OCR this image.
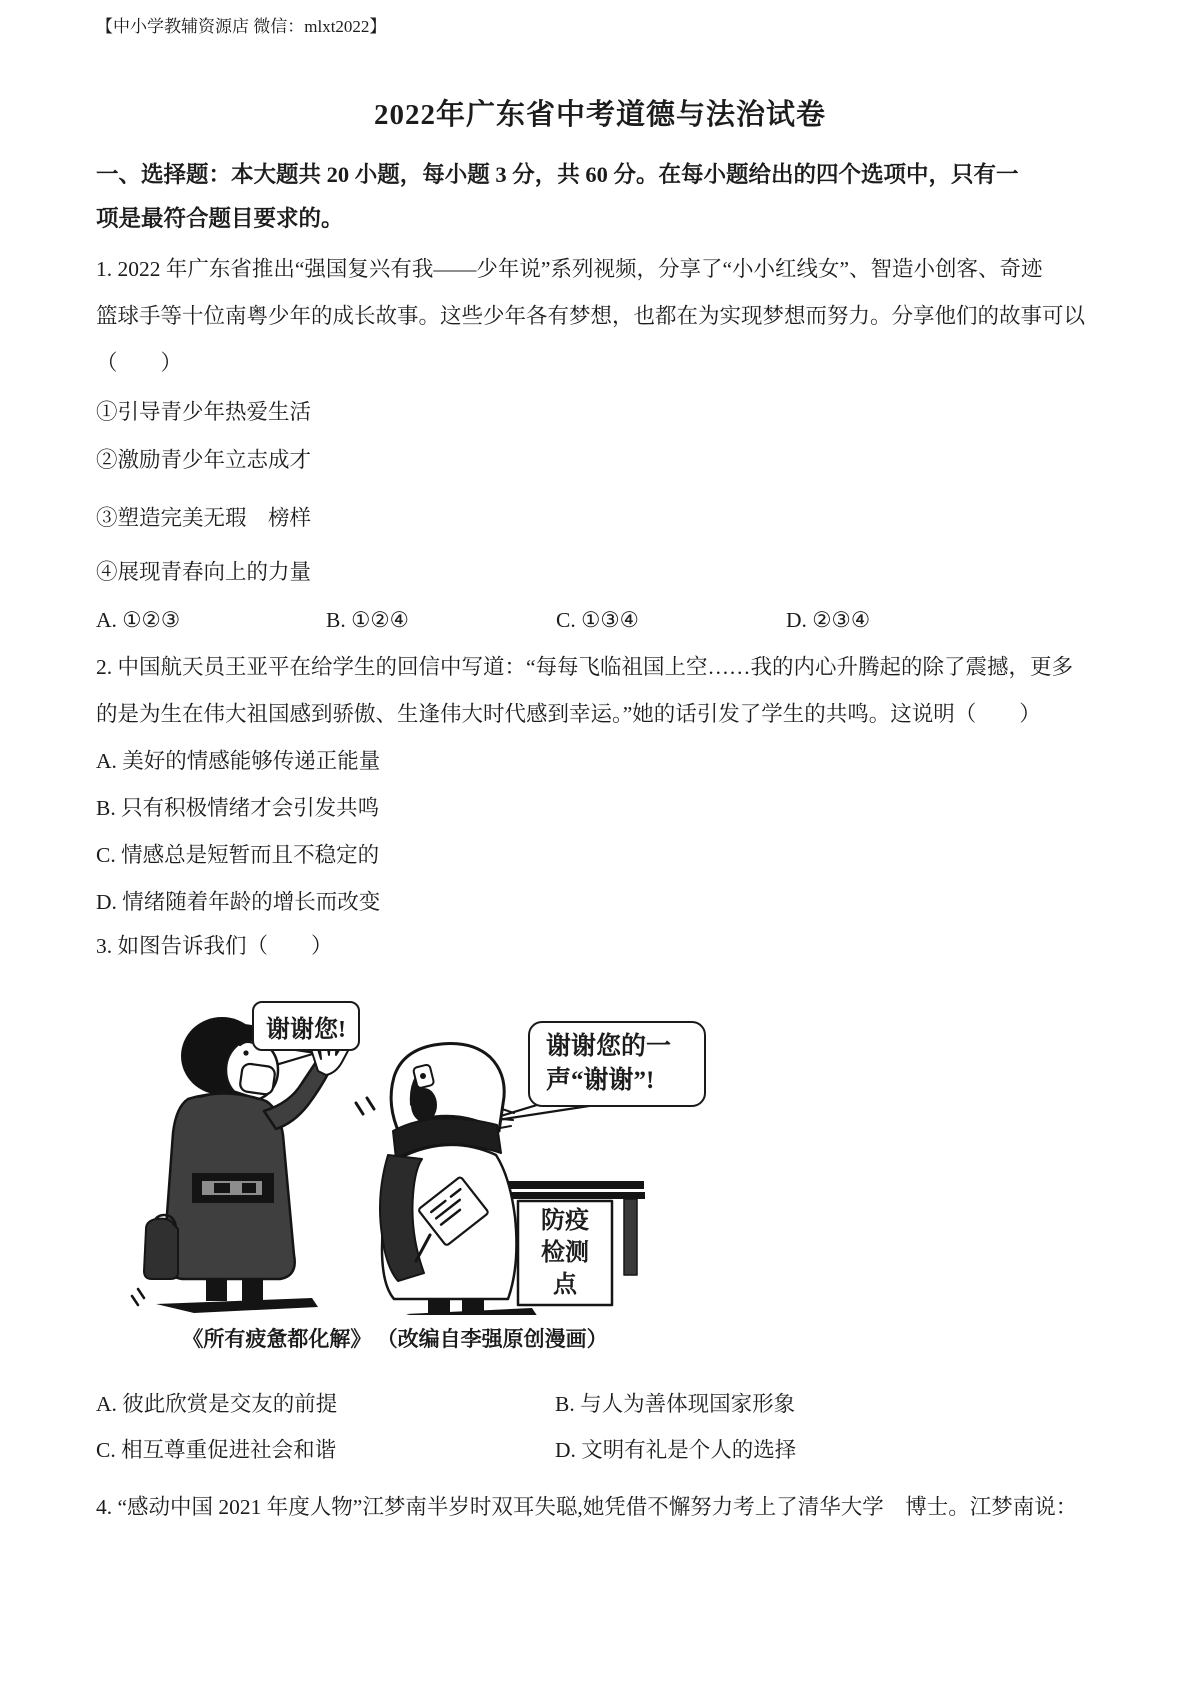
【中小学教辅资源店 微信：mlxt2022】
2022年广东省中考道德与法治试卷
一、选择题：本大题共 20 小题，每小题 3 分，共 60 分。在每小题给出的四个选项中，只有一
项是最符合题目要求的。
1. 2022 年广东省推出“强国复兴有我——少年说”系列视频，分享了“小小红线女”、智造小创客、奇迹
篮球手等十位南粤少年的成长故事。这些少年各有梦想，也都在为实现梦想而努力。分享他们的故事可以
（　　）
①引导青少年热爱生活
②激励青少年立志成才
③塑造完美无瑕　榜样
④展现青春向上的力量
A. ①②③	B. ①②④	C. ①③④	D. ②③④
2. 中国航天员王亚平在给学生的回信中写道：“每每飞临祖国上空……我的内心升腾起的除了震撼，更多
的是为生在伟大祖国感到骄傲、生逢伟大时代感到幸运。”她的话引发了学生的共鸣。这说明（　　）
A. 美好的情感能够传递正能量
B. 只有积极情绪才会引发共鸣
C. 情感总是短暂而且不稳定的
D. 情绪随着年龄的增长而改变
3. 如图告诉我们（　　）
谢谢您!
谢谢您的一
声“谢谢”!
防疫
检测
点
《所有疲惫都化解》 （改编自李强原创漫画）
A. 彼此欣赏是交友的前提	B. 与人为善体现国家形象
C. 相互尊重促进社会和谐	D. 文明有礼是个人的选择
4. “感动中国 2021 年度人物”江梦南半岁时双耳失聪,她凭借不懈努力考上了清华大学　博士。江梦南说：
